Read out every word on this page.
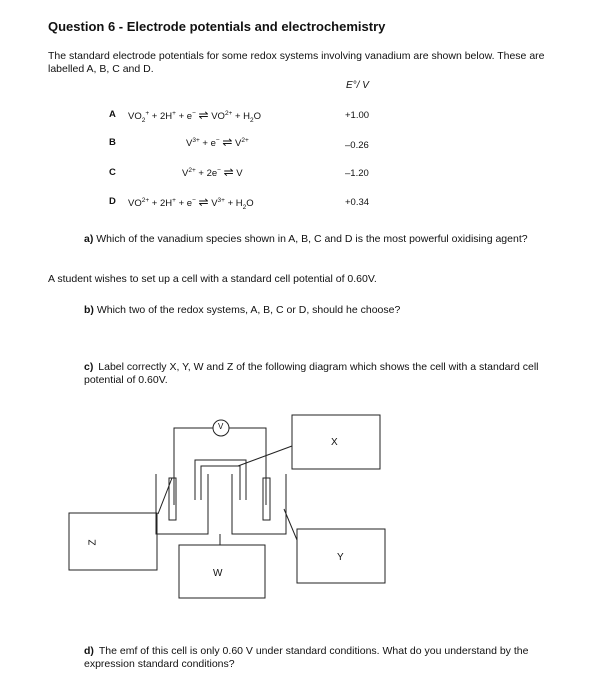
Question 6 - Electrode potentials and electrochemistry
The standard electrode potentials for some redox systems involving vanadium are shown below. These are labelled A, B, C and D.
E°/ V
A $VO_2^+ + 2H^+ + e^-$ ⇌ $VO^{2+} + H_2O$	+1.00
B	$V^{3+} + e^-$ ⇌ $V^{2+}$	–0.26
C	$V^{2+} + 2e^-$ ⇌ V	–1.20
D $VO^{2+} + 2H^+ + e^-$ ⇌ $V^{3+} + H_2O$	+0.34
a) Which of the vanadium species shown in A, B, C and D is the most powerful oxidising agent?
A student wishes to set up a cell with a standard cell potential of 0.60V.
b) Which two of the redox systems, A, B, C or D, should he choose?
c) Label correctly X, Y, W and Z of the following diagram which shows the cell with a standard cell potential of 0.60V.
V
X
Z
Y
W
d) The emf of this cell is only 0.60 V under standard conditions. What do you understand by the expression standard conditions?
